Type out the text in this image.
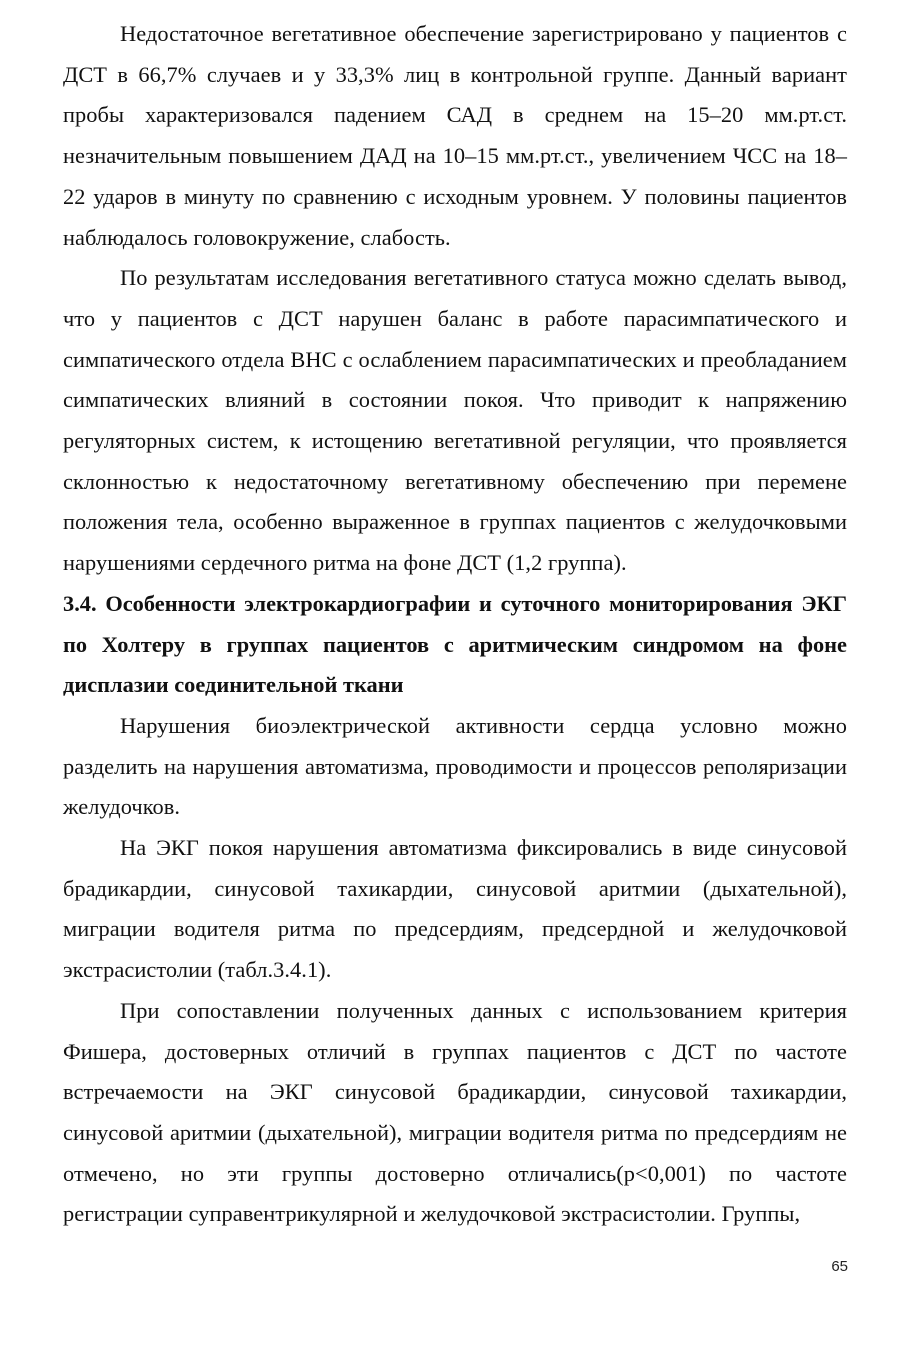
Недостаточное вегетативное обеспечение зарегистрировано у пациентов с ДСТ в 66,7% случаев и у 33,3% лиц в контрольной группе. Данный вариант пробы характеризовался падением САД в среднем на 15–20 мм.рт.ст. незначительным повышением ДАД на 10–15 мм.рт.ст., увеличением ЧСС на 18–22 ударов в минуту по сравнению с исходным уровнем. У половины пациентов наблюдалось головокружение, слабость.

По результатам исследования вегетативного статуса можно сделать вывод, что у пациентов с ДСТ нарушен баланс в работе парасимпатического и симпатического отдела ВНС с ослаблением парасимпатических и преобладанием симпатических влияний в состоянии покоя. Что приводит к напряжению регуляторных систем, к истощению вегетативной регуляции, что проявляется склонностью к недостаточному вегетативному обеспечению при перемене положения тела, особенно выраженное в группах пациентов с желудочковыми нарушениями сердечного ритма на фоне ДСТ (1,2 группа).

3.4. Особенности электрокардиографии и суточного мониторирования ЭКГ по Холтеру в группах пациентов с аритмическим синдромом на фоне дисплазии соединительной ткани

Нарушения биоэлектрической активности сердца условно можно разделить на нарушения автоматизма, проводимости и процессов реполяризации желудочков.

На ЭКГ покоя нарушения автоматизма фиксировались в виде синусовой брадикардии, синусовой тахикардии, синусовой аритмии (дыхательной), миграции водителя ритма по предсердиям, предсердной и желудочковой экстрасистолии (табл.3.4.1).

При сопоставлении полученных данных с использованием критерия Фишера, достоверных отличий в группах пациентов с ДСТ по частоте встречаемости на ЭКГ синусовой брадикардии, синусовой тахикардии, синусовой аритмии (дыхательной), миграции водителя ритма по предсердиям не отмечено, но эти группы достоверно отличались(p<0,001) по частоте регистрации суправентрикулярной и желудочковой экстрасистолии. Группы,

65
